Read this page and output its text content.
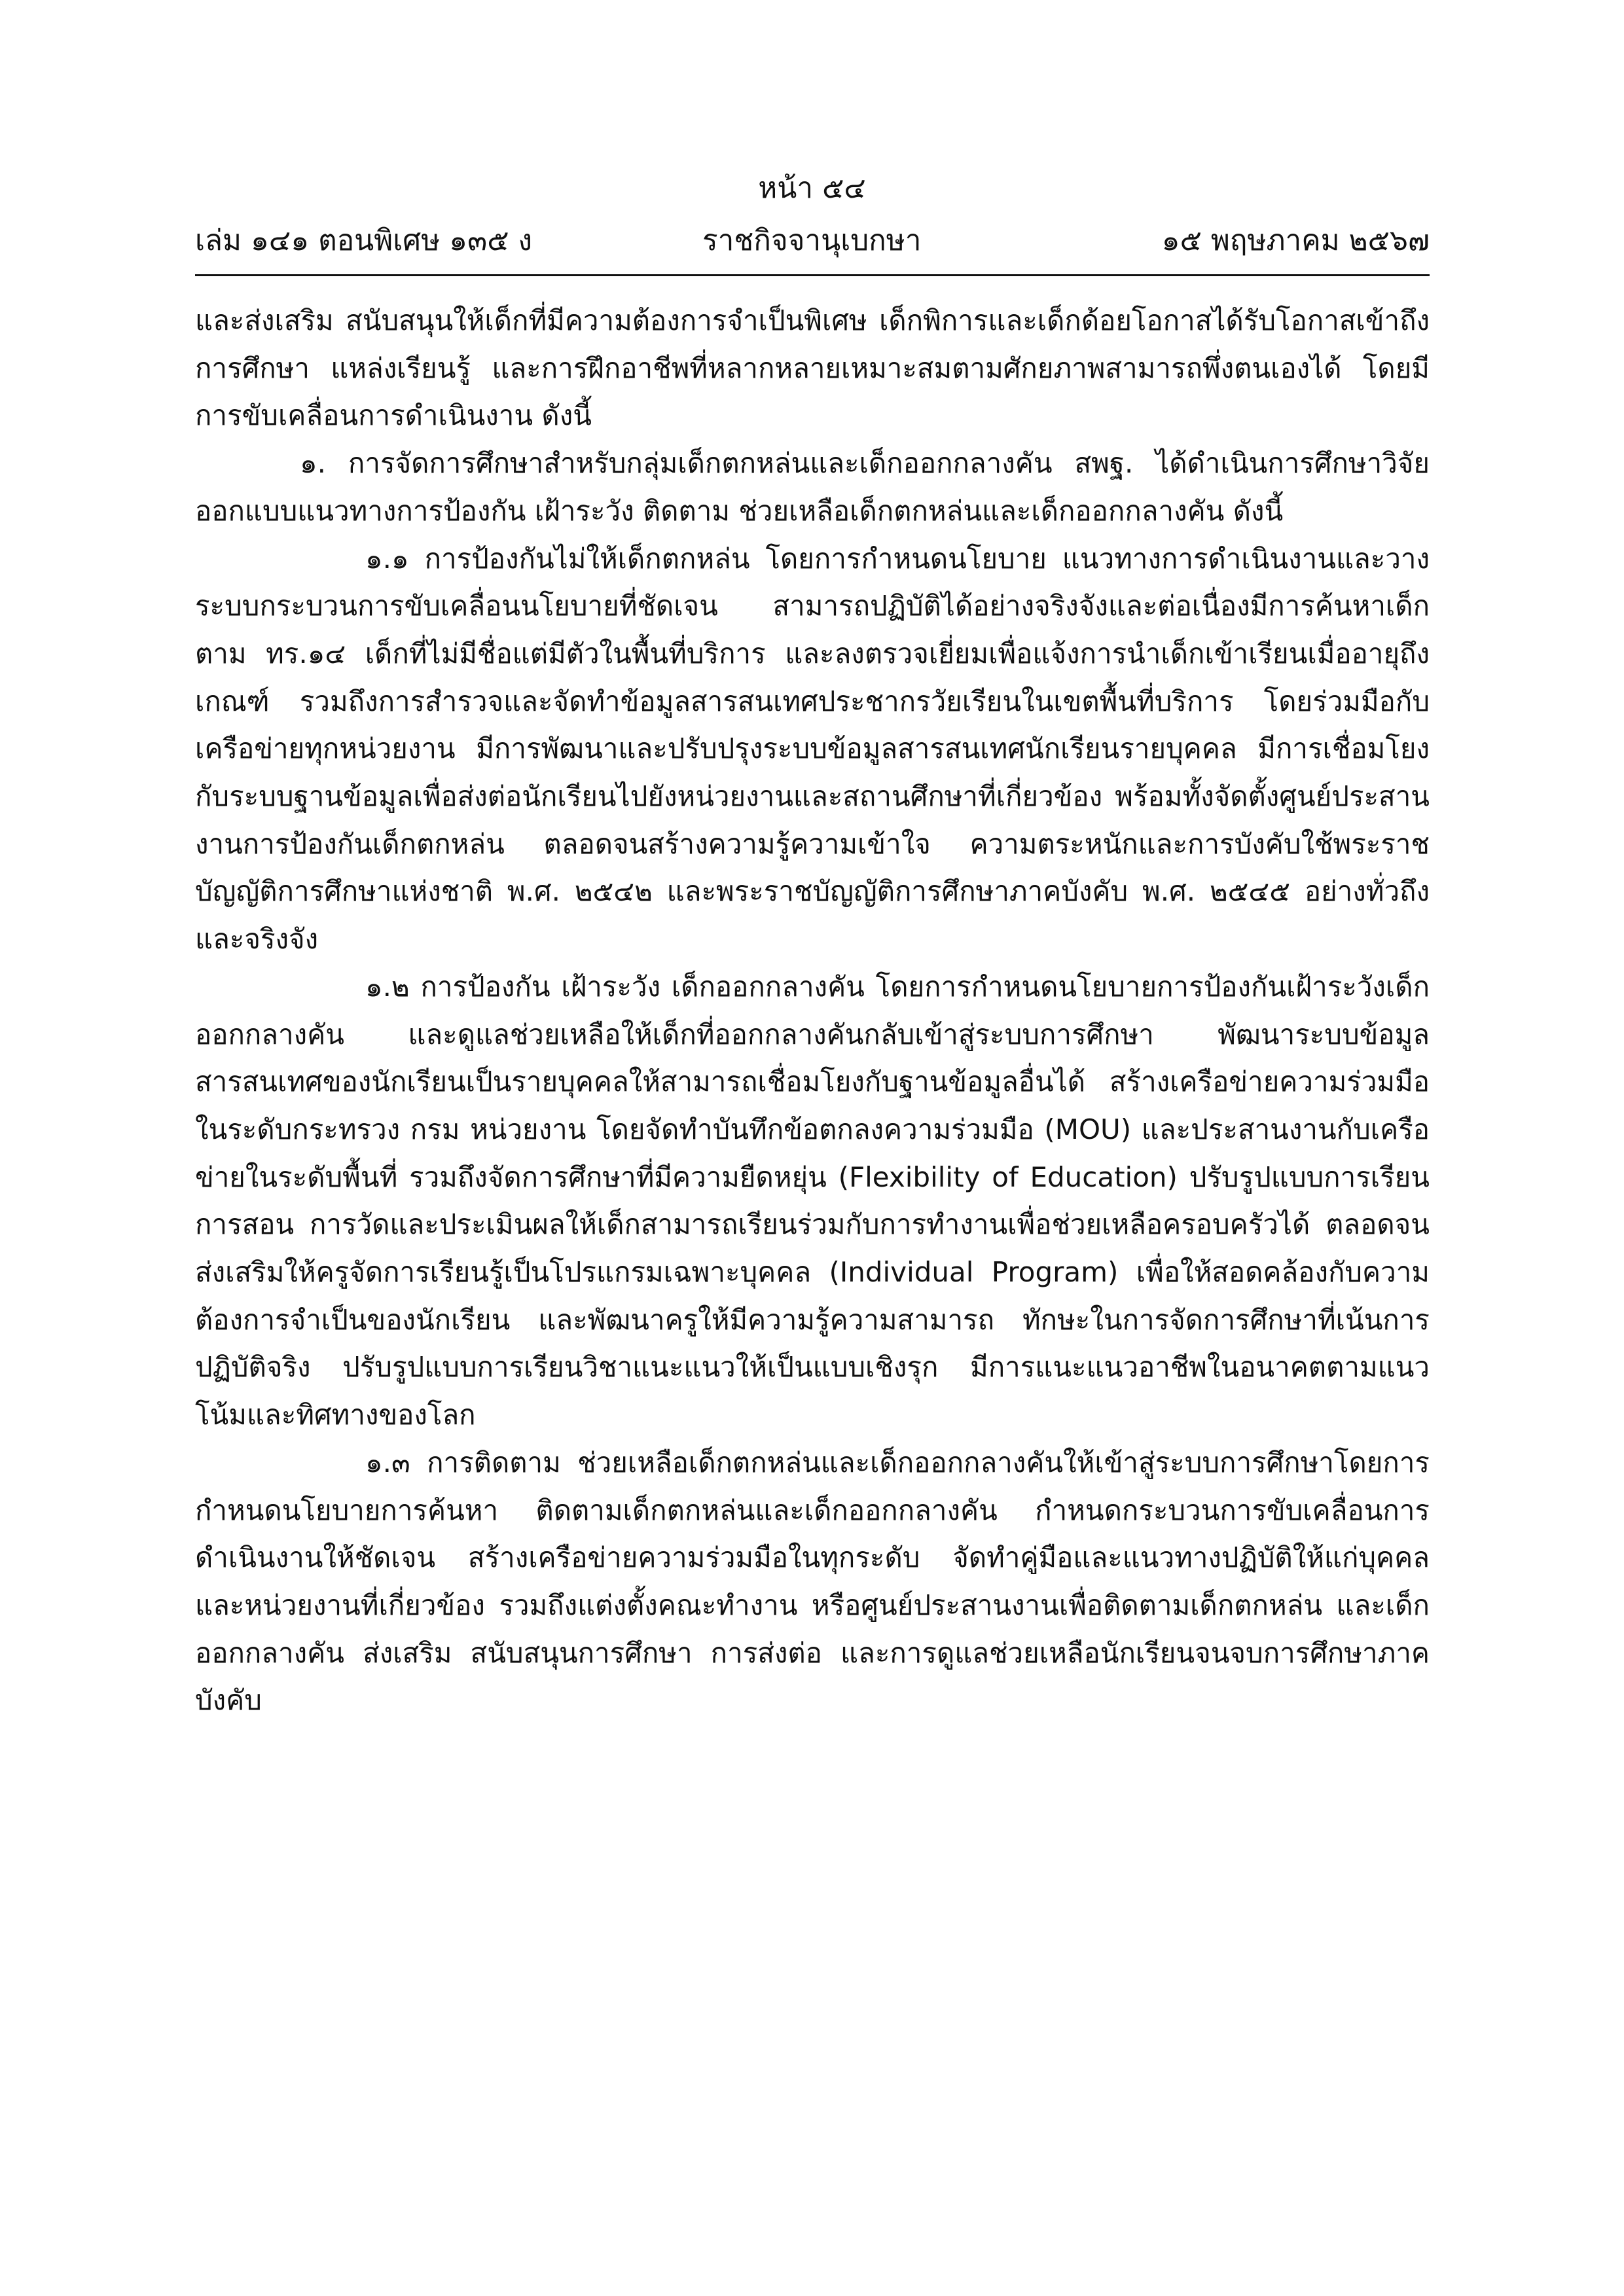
หน้า ๕๔
เล่ม ๑๔๑ ตอนพิเศษ ๑๓๕ ง	ราชกิจจานุเบกษา	๑๕ พฤษภาคม ๒๕๖๗

และส่งเสริม สนับสนุนให้เด็กที่มีความต้องการจำเป็นพิเศษ เด็กพิการและเด็กด้อยโอกาสได้รับโอกาสเข้าถึงการศึกษา แหล่งเรียนรู้ และการฝึกอาชีพที่หลากหลายเหมาะสมตามศักยภาพสามารถพึ่งตนเองได้ โดยมีการขับเคลื่อนการดำเนินงาน ดังนี้

๑. การจัดการศึกษาสำหรับกลุ่มเด็กตกหล่นและเด็กออกกลางคัน สพฐ. ได้ดำเนินการศึกษาวิจัย ออกแบบแนวทางการป้องกัน เฝ้าระวัง ติดตาม ช่วยเหลือเด็กตกหล่นและเด็กออกกลางคัน ดังนี้

๑.๑ การป้องกันไม่ให้เด็กตกหล่น โดยการกำหนดนโยบาย แนวทางการดำเนินงานและวางระบบกระบวนการขับเคลื่อนนโยบายที่ชัดเจน สามารถปฏิบัติได้อย่างจริงจังและต่อเนื่องมีการค้นหาเด็กตาม ทร.๑๔ เด็กที่ไม่มีชื่อแต่มีตัวในพื้นที่บริการ และลงตรวจเยี่ยมเพื่อแจ้งการนำเด็กเข้าเรียนเมื่ออายุถึงเกณฑ์ รวมถึงการสำรวจและจัดทำข้อมูลสารสนเทศประชากรวัยเรียนในเขตพื้นที่บริการ โดยร่วมมือกับเครือข่ายทุกหน่วยงาน มีการพัฒนาและปรับปรุงระบบข้อมูลสารสนเทศนักเรียนรายบุคคล มีการเชื่อมโยงกับระบบฐานข้อมูลเพื่อส่งต่อนักเรียนไปยังหน่วยงานและสถานศึกษาที่เกี่ยวข้อง พร้อมทั้งจัดตั้งศูนย์ประสานงานการป้องกันเด็กตกหล่น ตลอดจนสร้างความรู้ความเข้าใจ ความตระหนักและการบังคับใช้พระราชบัญญัติการศึกษาแห่งชาติ พ.ศ. ๒๕๔๒ และพระราชบัญญัติการศึกษาภาคบังคับ พ.ศ. ๒๕๔๕ อย่างทั่วถึงและจริงจัง

๑.๒ การป้องกัน เฝ้าระวัง เด็กออกกลางคัน โดยการกำหนดนโยบายการป้องกันเฝ้าระวังเด็กออกกลางคัน และดูแลช่วยเหลือให้เด็กที่ออกกลางคันกลับเข้าสู่ระบบการศึกษา พัฒนาระบบข้อมูลสารสนเทศของนักเรียนเป็นรายบุคคลให้สามารถเชื่อมโยงกับฐานข้อมูลอื่นได้ สร้างเครือข่ายความร่วมมือในระดับกระทรวง กรม หน่วยงาน โดยจัดทำบันทึกข้อตกลงความร่วมมือ (MOU) และประสานงานกับเครือข่ายในระดับพื้นที่ รวมถึงจัดการศึกษาที่มีความยืดหยุ่น (Flexibility of Education) ปรับรูปแบบการเรียนการสอน การวัดและประเมินผลให้เด็กสามารถเรียนร่วมกับการทำงานเพื่อช่วยเหลือครอบครัวได้ ตลอดจนส่งเสริมให้ครูจัดการเรียนรู้เป็นโปรแกรมเฉพาะบุคคล (Individual Program) เพื่อให้สอดคล้องกับความต้องการจำเป็นของนักเรียน และพัฒนาครูให้มีความรู้ความสามารถ ทักษะในการจัดการศึกษาที่เน้นการปฏิบัติจริง ปรับรูปแบบการเรียนวิชาแนะแนวให้เป็นแบบเชิงรุก มีการแนะแนวอาชีพในอนาคตตามแนวโน้มและทิศทางของโลก

๑.๓ การติดตาม ช่วยเหลือเด็กตกหล่นและเด็กออกกลางคันให้เข้าสู่ระบบการศึกษาโดยการกำหนดนโยบายการค้นหา ติดตามเด็กตกหล่นและเด็กออกกลางคัน กำหนดกระบวนการขับเคลื่อนการดำเนินงานให้ชัดเจน สร้างเครือข่ายความร่วมมือในทุกระดับ จัดทำคู่มือและแนวทางปฏิบัติให้แก่บุคคลและหน่วยงานที่เกี่ยวข้อง รวมถึงแต่งตั้งคณะทำงาน หรือศูนย์ประสานงานเพื่อติดตามเด็กตกหล่น และเด็กออกกลางคัน ส่งเสริม สนับสนุนการศึกษา การส่งต่อ และการดูแลช่วยเหลือนักเรียนจนจบการศึกษาภาคบังคับ
